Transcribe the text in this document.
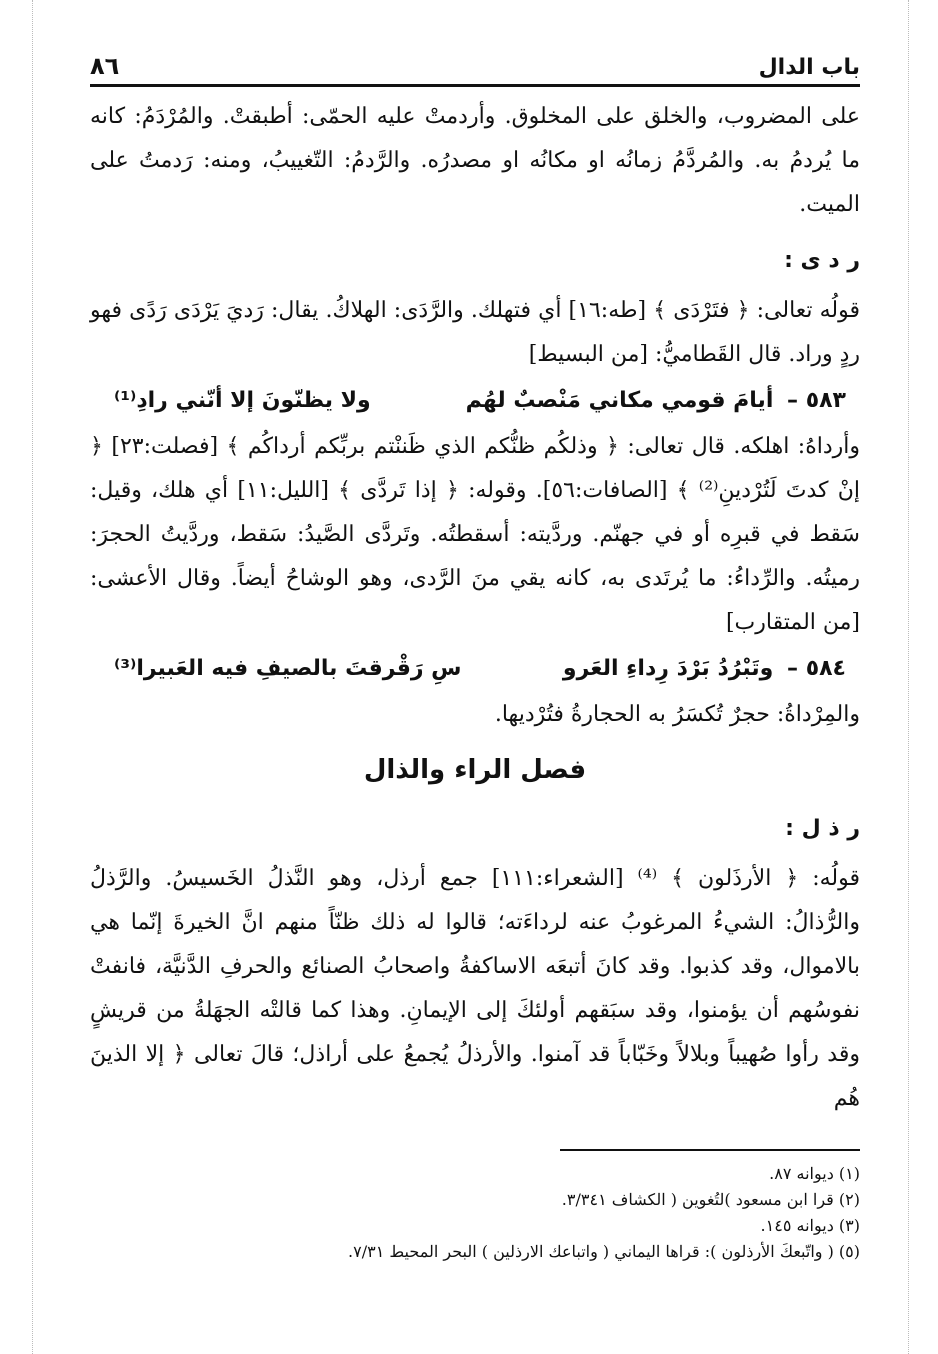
باب الدال
٨٦

على المضروب، والخلق على المخلوق. وأردمتْ عليه الحمّى: أطبقتْ. والمُرْدَمُ: كانه ما يُردمُ به. والمُردَّمُ زمانُه او مكانُه او مصدرُه. والرَّدمُ: التّغييبُ، ومنه: رَدمتُ على الميت.

ر د ى :

قولُه تعالى: ﴿ فتَرْدَى ﴾ [طه:١٦] أي فتهلك. والرَّدَى: الهلاكُ. يقال: رَديَ يَرْدَى رَدًى فهو ردٍ وراد. قال القَطاميُّ: [من البسيط]

٥٨٣ – أيامَ قومي مكاني مَنْصبٌ لهُم
ولا يظنّونَ إلا أنّني رادِ⁽¹⁾

وأرداهُ: اهلكه. قال تعالى: ﴿ وذلكُم ظنُّكم الذي ظَننْتم بربِّكم أرداكُم ﴾ [فصلت:٢٣] ﴿ إنْ كدتَ لَتُرْدينِ⁽²⁾ ﴾ [الصافات:٥٦]. وقوله: ﴿ إذا تَردَّى ﴾ [الليل:١١] أي هلك، وقيل: سَقط في قبرِه أو في جهنّم. وردَّيته: أسقطتُه. وتَردَّى الصَّيدُ: سَقط، وردَّيتُ الحجرَ: رميتُه. والرِّداءُ: ما يُرتَدى به، كانه يقي منَ الرَّدى، وهو الوشاحُ أيضاً. وقال الأعشى: [من المتقارب]

٥٨٤ – وتَبْرُدُ بَرْدَ رِداءِ العَرو
سِ رَقْرقتَ بالصيفِ فيه العَبيرا⁽³⁾

والمِرْداةُ: حجرٌ تُكسَرُ به الحجارةُ فتُرْديها.

فصل الراء والذال
ر ذ ل :

قولُه: ﴿ الأرذَلون ﴾ ⁽⁴⁾ [الشعراء:١١١] جمع أرذل، وهو النَّذلُ الخَسيسُ. والرَّذلُ والرُّذالُ: الشيءُ المرغوبُ عنه لرداءَته؛ قالوا له ذلك ظنّاً منهم انَّ الخيرةَ إنّما هي بالاموال، وقد كذبوا. وقد كانَ أتبعَه الاساكفةُ واصحابُ الصنائع والحرفِ الدَّنيَّة، فانفتْ نفوسُهم أن يؤمنوا، وقد سبَقهم أولئكَ إلى الإيمانِ. وهذا كما قالتْه الجهَلةُ من قريشٍ وقد رأوا صُهيباً وبلالاً وخَبّاباً قد آمنوا. والأرذلُ يُجمعُ على أراذل؛ قالَ تعالى ﴿ إلا الذينَ هُم

(١) ديوانه ٨٧.
(٢) قرا ابن مسعود )لتُغوين ( الكشاف ٣/٣٤١.
(٣) ديوانه ١٤٥.
(٥) ( واتّبعكَ الأرذلون ): قراها اليماني ( واتباعك الارذلين ) البحر المحيط ٧/٣١.
